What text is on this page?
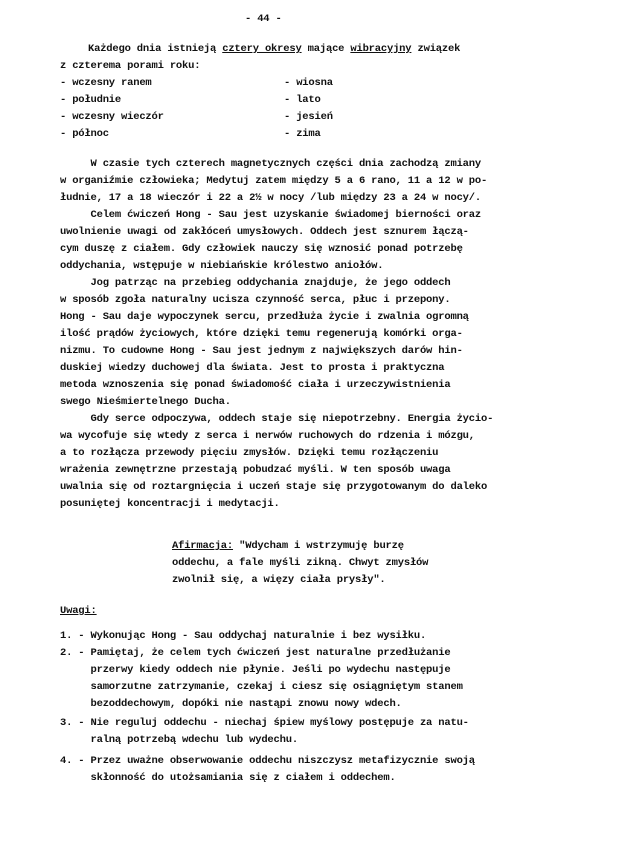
- 44 -
Każdego dnia istnieją cztery okresy mające wibracyjny związek
z czterema porami roku:
- wczesny ranem	- wiosna
- południe	- lato
- wczesny wieczór	- jesień
- północ	- zima
W czasie tych czterech magnetycznych części dnia zachodzą zmiany
w organiźmie człowieka; Medytuj zatem między 5 a 6 rano, 11 a 12 w po-
łudnie, 17 a 18 wieczór i 22 a 2½ w nocy /lub między 23 a 24 w nocy/.
Celem ćwiczeń Hong - Sau jest uzyskanie świadomej bierności oraz
uwolnienie uwagi od zakłóceń umysłowych. Oddech jest sznurem łączą-
cym duszę z ciałem. Gdy człowiek nauczy się wznosić ponad potrzebę
oddychania, wstępuje w niebiańskie królestwo aniołów.
Jog patrząc na przebieg oddychania znajduje, że jego oddech
w sposób zgoła naturalny ucisza czynność serca, płuc i przepony.
Hong - Sau daje wypoczynek sercu, przedłuża życie i zwalnia ogromną
ilość prądów życiowych, które dzięki temu regenerują komórki orga-
nizmu. To cudowne Hong - Sau jest jednym z największych darów hin-
duskiej wiedzy duchowej dla świata. Jest to prosta i praktyczna
metoda wznoszenia się ponad świadomość ciała i urzeczywistnienia
swego Nieśmiertelnego Ducha.
Gdy serce odpoczywa, oddech staje się niepotrzebny. Energia życio-
wa wycofuje się wtedy z serca i nerwów ruchowych do rdzenia i mózgu,
a to rozłącza przewody pięciu zmysłów. Dzięki temu rozłączeniu
wrażenia zewnętrzne przestają pobudzać myśli. W ten sposób uwaga
uwalnia się od roztargnięcia i uczeń staje się przygotowanym do daleko
posuniętej koncentracji i medytacji.
Afirmacja: "Wdycham i wstrzymuję burzę
oddechu, a fale myśli zikną. Chwyt zmysłów
zwolnił się, a więzy ciała prysły".
Uwagi:
1. - Wykonując Hong - Sau oddychaj naturalnie i bez wysiłku.
2. - Pamiętaj, że celem tych ćwiczeń jest naturalne przedłużanie
przerwy kiedy oddech nie płynie. Jeśli po wydechu następuje
samorzutne zatrzymanie, czekaj i ciesz się osiągniętym stanem
bezoddechowym, dopóki nie nastąpi znowu nowy wdech.
3. - Nie reguluj oddechu - niechaj śpiew myślowy postępuje za natu-
ralną potrzebą wdechu lub wydechu.
4. - Przez uważne obserwowanie oddechu niszczysz metafizycznie swoją
skłonność do utożsamiania się z ciałem i oddechem.
